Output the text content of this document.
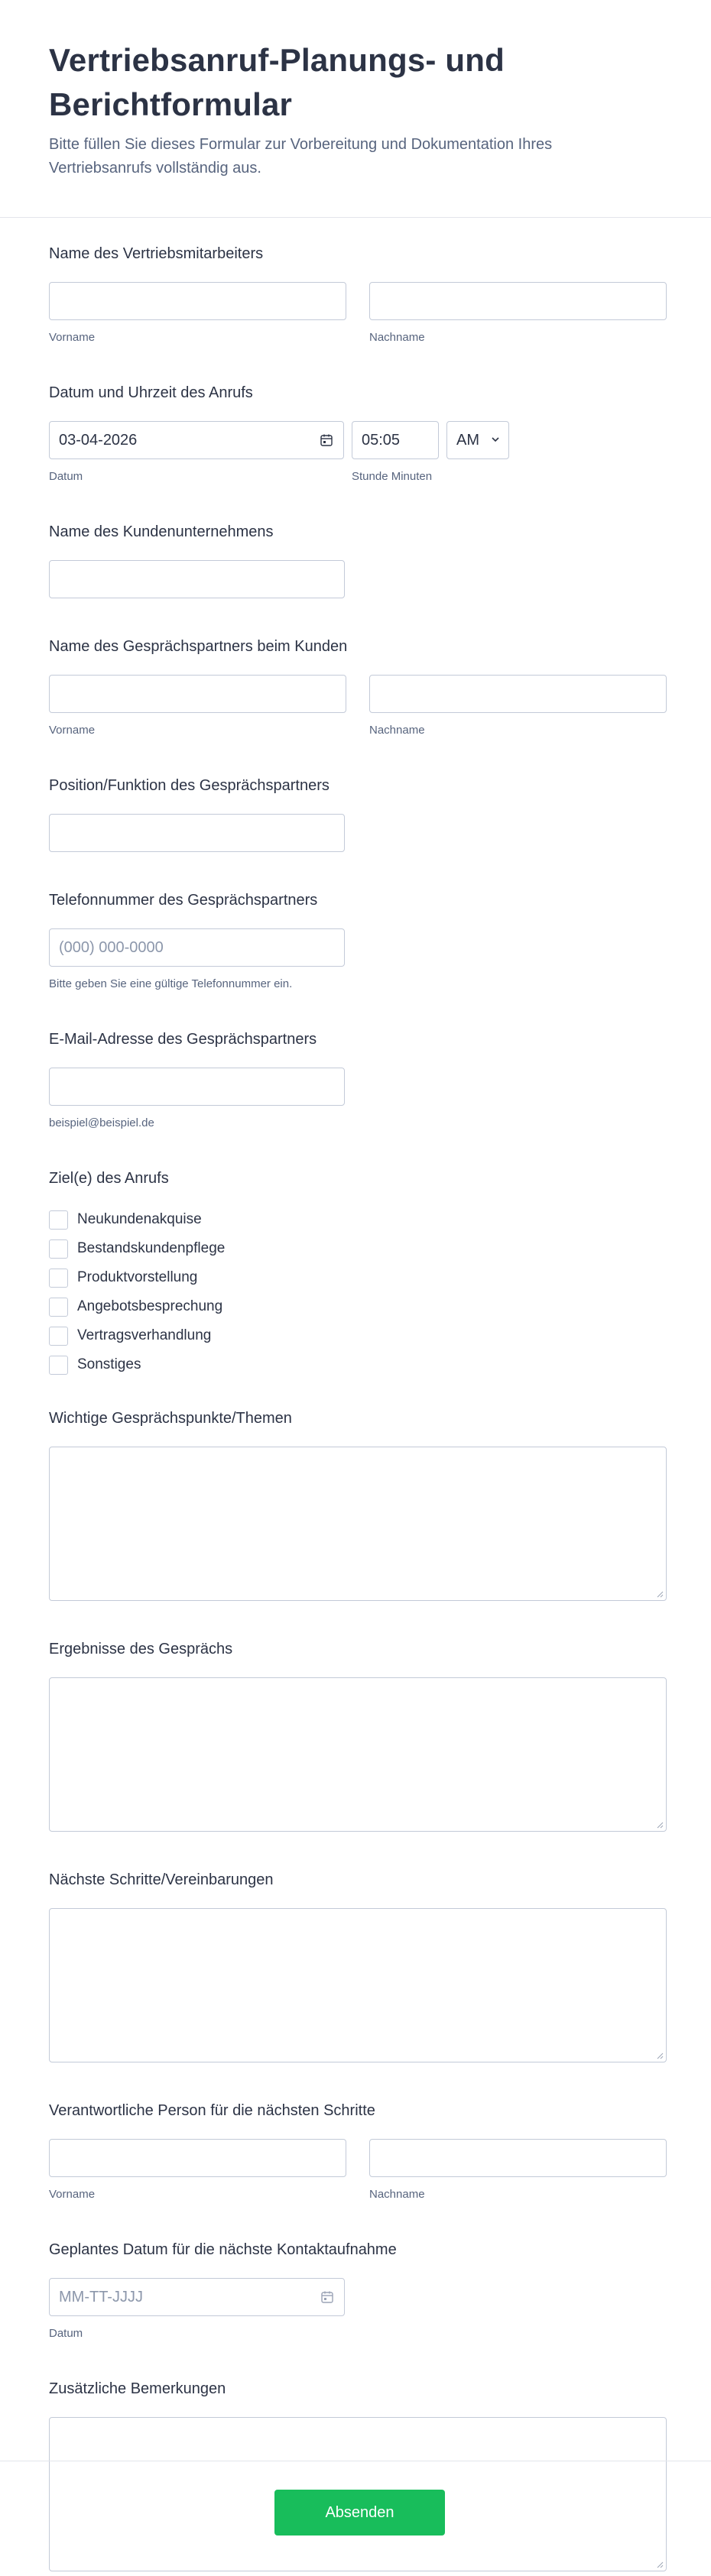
Vertriebsanruf-Planungs- und
Berichtformular
Bitte füllen Sie dieses Formular zur Vorbereitung und Dokumentation Ihres
Vertriebsanrufs vollständig aus.
Name des Vertriebsmitarbeiters
Vorname	Nachname
Datum und Uhrzeit des Anrufs
03-04-2026	05:05	AM
Datum	Stunde Minuten
Name des Kundenunternehmens
Name des Gesprächspartners beim Kunden
Vorname	Nachname
Position/Funktion des Gesprächspartners
Telefonnummer des Gesprächspartners
(000) 000-0000
Bitte geben Sie eine gültige Telefonnummer ein.
E-Mail-Adresse des Gesprächspartners
beispiel@beispiel.de
Ziel(e) des Anrufs
Neukundenakquise
Bestandskundenpflege
Produktvorstellung
Angebotsbesprechung
Vertragsverhandlung
Sonstiges
Wichtige Gesprächspunkte/Themen
Ergebnisse des Gesprächs
Nächste Schritte/Vereinbarungen
Verantwortliche Person für die nächsten Schritte
Vorname	Nachname
Geplantes Datum für die nächste Kontaktaufnahme
MM-TT-JJJJ
Datum
Zusätzliche Bemerkungen
Absenden
